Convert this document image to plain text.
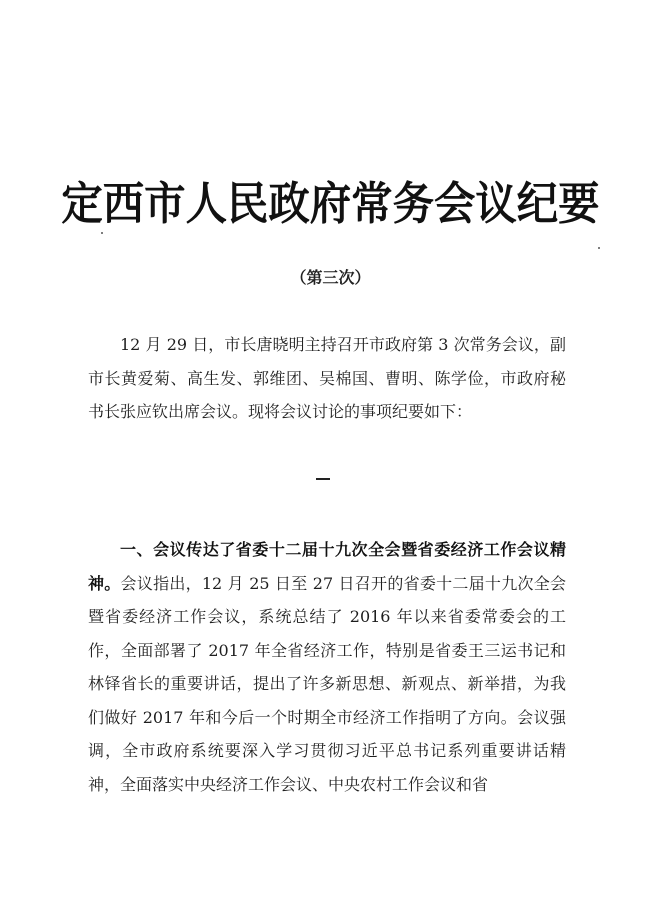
定西市人民政府常务会议纪要
（第三次）
12 月 29 日，市长唐晓明主持召开市政府第 3 次常务会议，副市长黄爱菊、高生发、郭维团、吴棉国、曹明、陈学俭，市政府秘书长张应钦出席会议。现将会议讨论的事项纪要如下：
一、会议传达了省委十二届十九次全会暨省委经济工作会议精神。会议指出，12 月 25 日至 27 日召开的省委十二届十九次全会暨省委经济工作会议，系统总结了 2016 年以来省委常委会的工作，全面部署了 2017 年全省经济工作，特别是省委王三运书记和林铎省长的重要讲话，提出了许多新思想、新观点、新举措，为我们做好 2017 年和今后一个时期全市经济工作指明了方向。会议强调，全市政府系统要深入学习贯彻习近平总书记系列重要讲话精神，全面落实中央经济工作会议、中央农村工作会议和省
